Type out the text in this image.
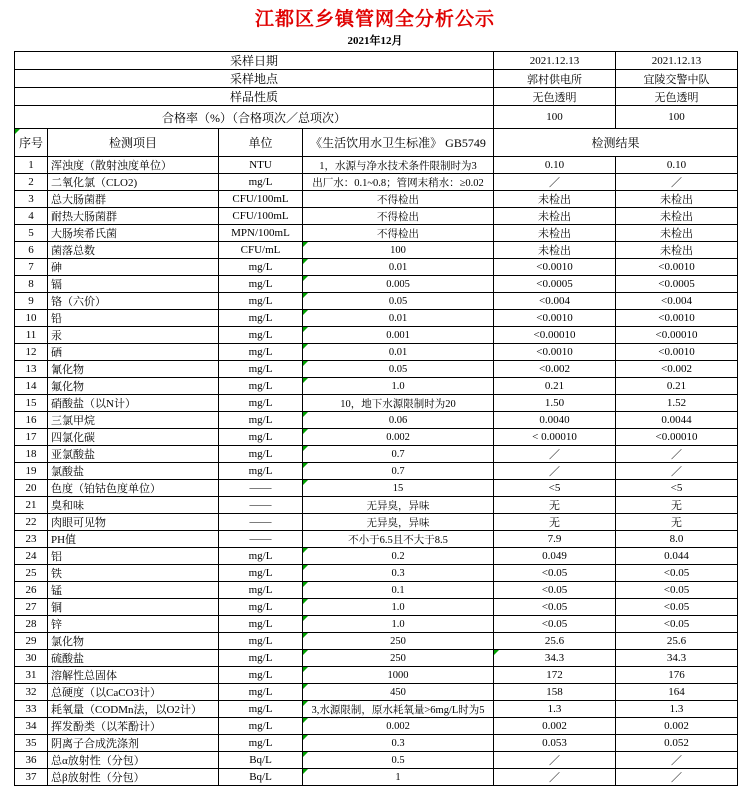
江都区乡镇管网全分析公示
2021年12月
采样日期				2021.12.13	2021.12.13
采样地点				郭村供电所	宜陵交警中队
样品性质				无色透明	无色透明
合格率（%）（合格项次／总项次）				100	100

序号	检测项目	单位	《生活饮用水卫生标准》 GB5749	检测结果	
1	浑浊度（散射浊度单位）	NTU	1，水源与净水技术条件限制时为3	0.10	0.10
2	二氧化氯（CLO2)	mg/L	出厂水：0.1~0.8；管网末稍水：≥0.02	／	／
3	总大肠菌群	CFU/100mL	不得检出	未检出	未检出
4	耐热大肠菌群	CFU/100mL	不得检出	未检出	未检出
5	大肠埃希氏菌	MPN/100mL	不得检出	未检出	未检出
6	菌落总数	CFU/mL	100	未检出	未检出
7	砷	mg/L	0.01	<0.0010	<0.0010
8	镉	mg/L	0.005	<0.0005	<0.0005
9	铬（六价）	mg/L	0.05	<0.004	<0.004
10	铅	mg/L	0.01	<0.0010	<0.0010
11	汞	mg/L	0.001	<0.00010	<0.00010
12	硒	mg/L	0.01	<0.0010	<0.0010
13	氰化物	mg/L	0.05	<0.002	<0.002
14	氟化物	mg/L	1.0	0.21	0.21
15	硝酸盐（以N计）	mg/L	10，地下水源限制时为20	1.50	1.52
16	三氯甲烷	mg/L	0.06	0.0040	0.0044
17	四氯化碳	mg/L	0.002	< 0.00010	<0.00010
18	亚氯酸盐	mg/L	0.7	／	／
19	氯酸盐	mg/L	0.7	／	／
20	色度（铂钴色度单位）	——	15	<5	<5
21	臭和味	——	无异臭，异味	无	无
22	肉眼可见物	——	无异臭，异味	无	无
23	PH值	——	不小于6.5且不大于8.5	7.9	8.0
24	铝	mg/L	0.2	0.049	0.044
25	铁	mg/L	0.3	<0.05	<0.05
26	锰	mg/L	0.1	<0.05	<0.05
27	铜	mg/L	1.0	<0.05	<0.05
28	锌	mg/L	1.0	<0.05	<0.05
29	氯化物	mg/L	250	25.6	25.6
30	硫酸盐	mg/L	250	34.3	34.3
31	溶解性总固体	mg/L	1000	172	176
32	总硬度（以CaCO3计）	mg/L	450	158	164
33	耗氧量（CODMn法，以O2计）	mg/L	3,水源限制，原水耗氧量>6mg/L时为5	1.3	1.3
34	挥发酚类（以苯酚计）	mg/L	0.002	0.002	0.002
35	阴离子合成洗涤剂	mg/L	0.3	0.053	0.052
36	总α放射性（分包）	Bq/L	0.5	／	／
37	总β放射性（分包）	Bq/L	1	／	／
